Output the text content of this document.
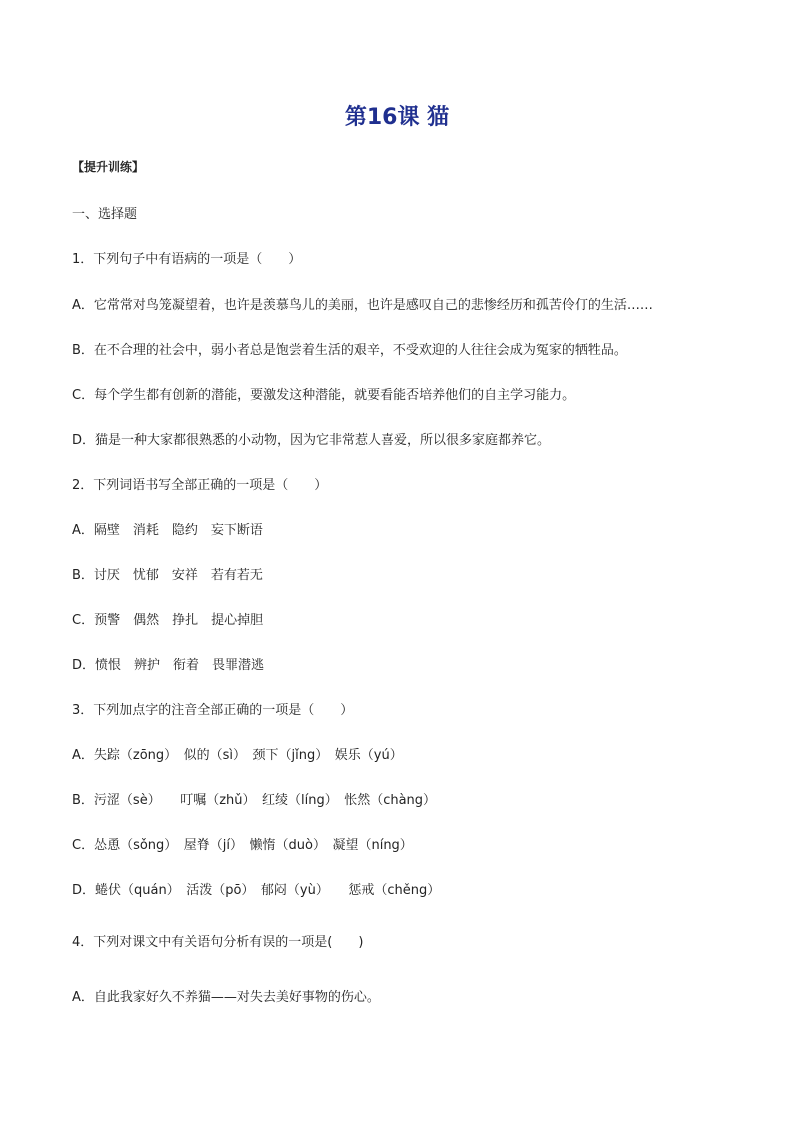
第16课 猫
【提升训练】
一、选择题
1．下列句子中有语病的一项是（　　）
A．它常常对鸟笼凝望着，也许是羡慕鸟儿的美丽，也许是感叹自己的悲惨经历和孤苦伶仃的生活……
B．在不合理的社会中，弱小者总是饱尝着生活的艰辛，不受欢迎的人往往会成为冤家的牺牲品。
C．每个学生都有创新的潜能，要激发这种潜能，就要看能否培养他们的自主学习能力。
D．猫是一种大家都很熟悉的小动物，因为它非常惹人喜爱，所以很多家庭都养它。
2．下列词语书写全部正确的一项是（　　）
A．隔壁　消耗　隐约　妄下断语
B．讨厌　忧郁　安祥　若有若无
C．预警　偶然　挣扎　提心掉胆
D．愤恨　辨护　衔着　畏罪潜逃
3．下列加点字的注音全部正确的一项是（　　）
A．失踪（zōng）　似的（sì）　颈下（jǐng）　娱乐（yú）
B．污涩（sè）　　叮嘱（zhǔ）　红绫（líng）　怅然（chàng）
C．怂恿（sǒng）　屋脊（jí）　懒惰（duò）　凝望（níng）
D．蜷伏（quán）　活泼（pō）　郁闷（yù）　　惩戒（chěng）
4．下列对课文中有关语句分析有误的一项是(　　)
A．自此我家好久不养猫——对失去美好事物的伤心。
